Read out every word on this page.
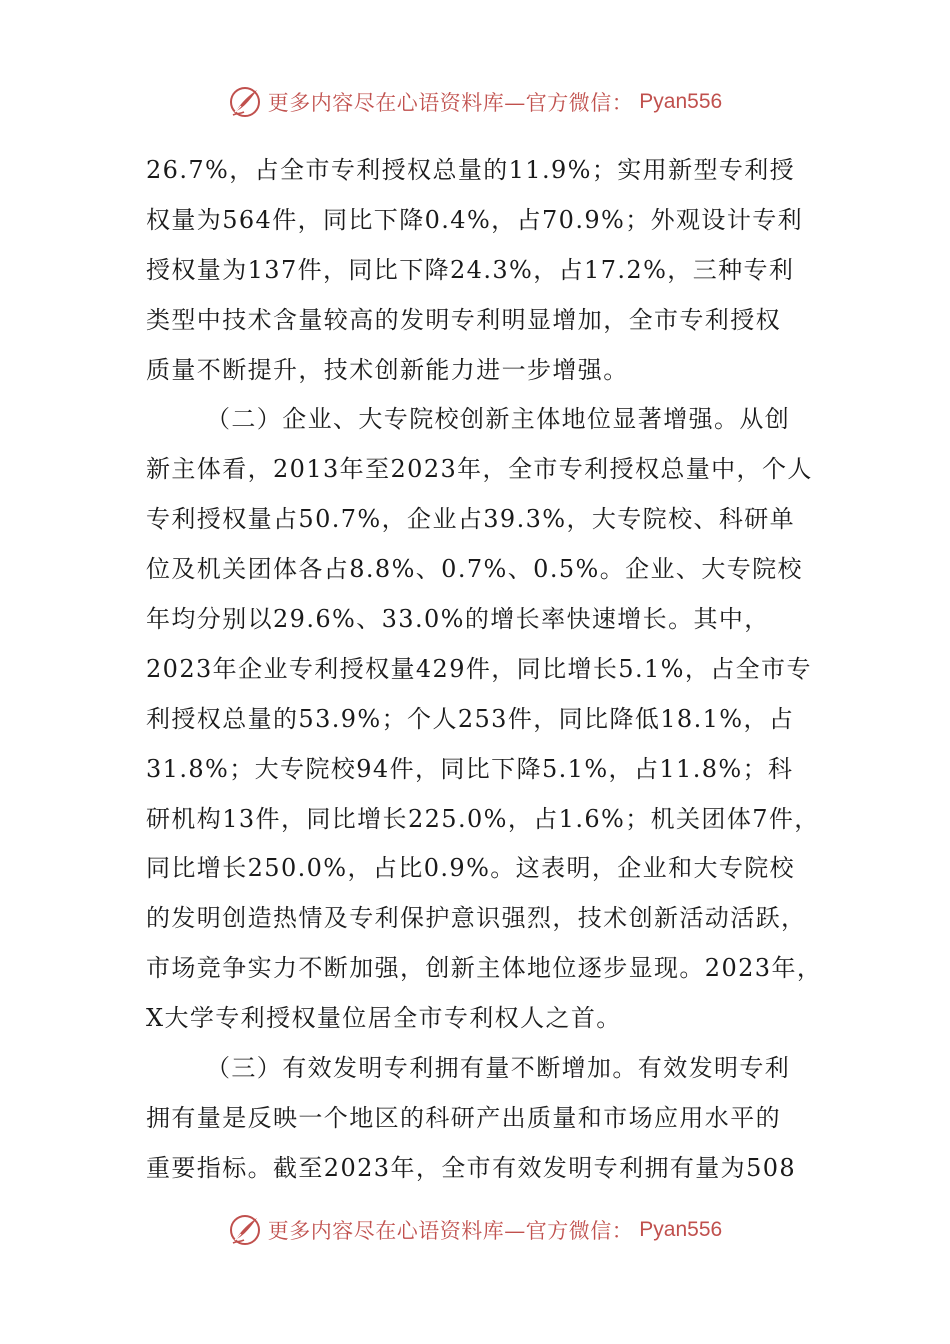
更多内容尽在心语资料库—官方微信： Pyan556
26.7%，占全市专利授权总量的11.9%；实用新型专利授
权量为564件，同比下降0.4%，占70.9%；外观设计专利
授权量为137件，同比下降24.3%，占17.2%，三种专利
类型中技术含量较高的发明专利明显增加，全市专利授权
质量不断提升，技术创新能力进一步增强。
（二）企业、大专院校创新主体地位显著增强。从创
新主体看，2013年至2023年，全市专利授权总量中，个人
专利授权量占50.7%，企业占39.3%，大专院校、科研单
位及机关团体各占8.8%、0.7%、0.5%。企业、大专院校
年均分别以29.6%、33.0%的增长率快速增长。其中，
2023年企业专利授权量429件，同比增长5.1%，占全市专
利授权总量的53.9%；个人253件，同比降低18.1%，占
31.8%；大专院校94件，同比下降5.1%，占11.8%；科
研机构13件，同比增长225.0%，占1.6%；机关团体7件，
同比增长250.0%，占比0.9%。这表明，企业和大专院校
的发明创造热情及专利保护意识强烈，技术创新活动活跃，
市场竞争实力不断加强，创新主体地位逐步显现。2023年，
X大学专利授权量位居全市专利权人之首。
（三）有效发明专利拥有量不断增加。有效发明专利
拥有量是反映一个地区的科研产出质量和市场应用水平的
重要指标。截至2023年，全市有效发明专利拥有量为508
更多内容尽在心语资料库—官方微信： Pyan556
